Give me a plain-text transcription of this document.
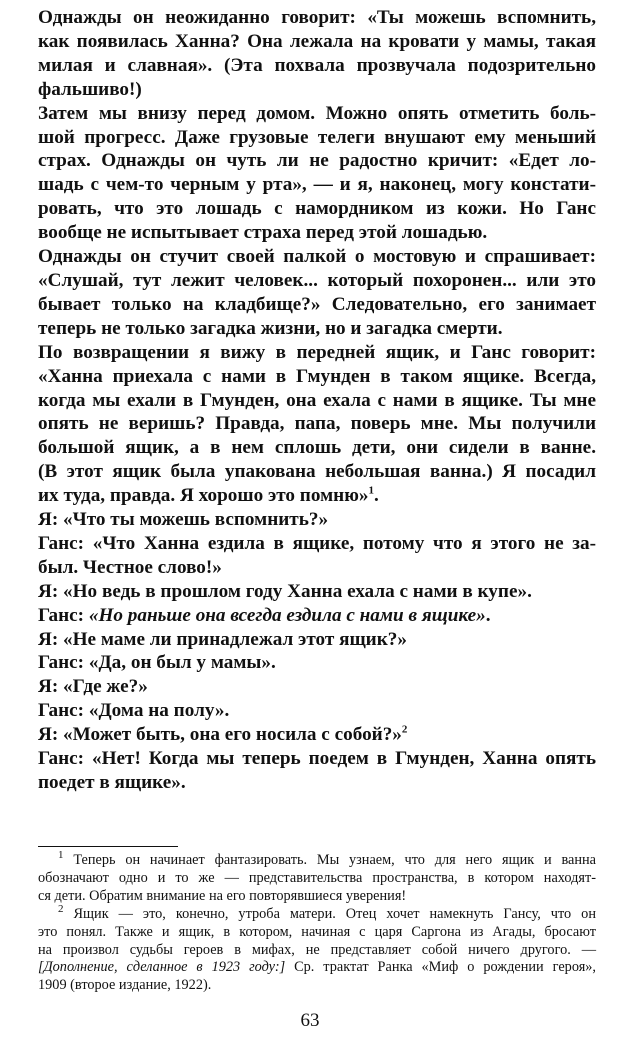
Однажды он неожиданно говорит: «Ты можешь вспомнить,
как появилась Ханна? Она лежала на кровати у мамы, такая
милая и славная». (Эта похвала прозвучала подозрительно
фальшиво!)
Затем мы внизу перед домом. Можно опять отметить боль-
шой прогресс. Даже грузовые телеги внушают ему меньший
страх. Однажды он чуть ли не радостно кричит: «Едет ло-
шадь с чем-то черным у рта», — и я, наконец, могу констати-
ровать, что это лошадь с намордником из кожи. Но Ганс
вообще не испытывает страха перед этой лошадью.
Однажды он стучит своей палкой о мостовую и спрашивает:
«Слушай, тут лежит человек... который похоронен... или это
бывает только на кладбище?» Следовательно, его занимает
теперь не только загадка жизни, но и загадка смерти.
По возвращении я вижу в передней ящик, и Ганс говорит:
«Ханна приехала с нами в Гмунден в таком ящике. Всегда,
когда мы ехали в Гмунден, она ехала с нами в ящике. Ты мне
опять не веришь? Правда, папа, поверь мне. Мы получили
большой ящик, а в нем сплошь дети, они сидели в ванне.
(В этот ящик была упакована небольшая ванна.) Я посадил
их туда, правда. Я хорошо это помню»$^1$.
Я: «Что ты можешь вспомнить?»
Ганс: «Что Ханна ездила в ящике, потому что я этого не за-
был. Честное слово!»
Я: «Но ведь в прошлом году Ханна ехала с нами в купе».
Ганс: «Но раньше она всегда ездила с нами в ящике».
Я: «Не маме ли принадлежал этот ящик?»
Ганс: «Да, он был у мамы».
Я: «Где же?»
Ганс: «Дома на полу».
Я: «Может быть, она его носила с собой?»$^2$
Ганс: «Нет! Когда мы теперь поедем в Гмунден, Ханна опять
поедет в ящике».
$^1$ Теперь он начинает фантазировать. Мы узнаем, что для него ящик и ванна
обозначают одно и то же — представительства пространства, в котором находят-
ся дети. Обратим внимание на его повторявшиеся уверения!
$^2$ Ящик — это, конечно, утроба матери. Отец хочет намекнуть Гансу, что он
это понял. Также и ящик, в котором, начиная с царя Саргона из Агады, бросают
на произвол судьбы героев в мифах, не представляет собой ничего другого. —
[Дополнение, сделанное в 1923 году:] Ср. трактат Ранка «Миф о рождении героя»,
1909 (второе издание, 1922).
63
